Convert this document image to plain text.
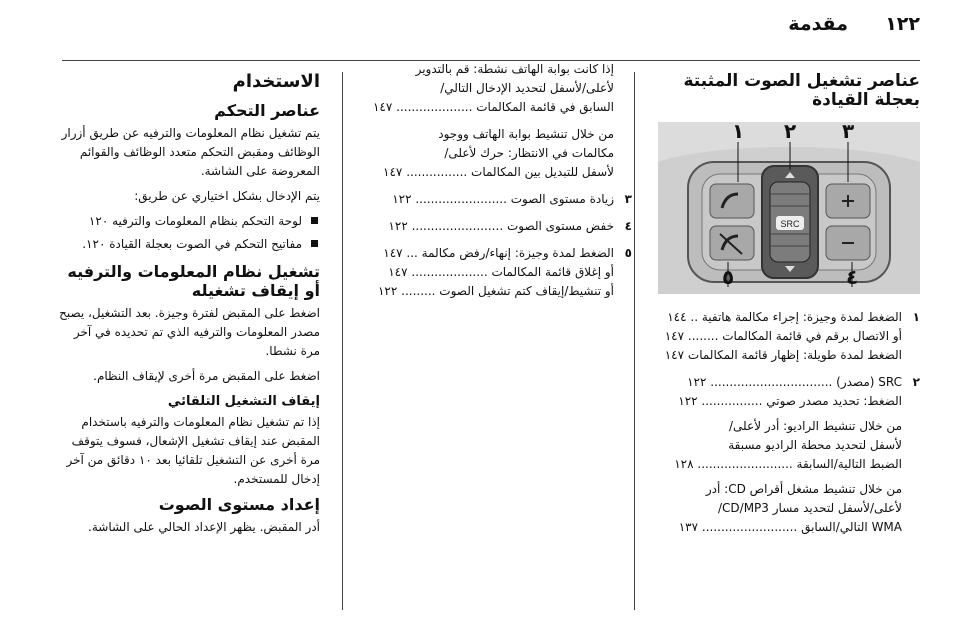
مقدمة ١٢٢
عناصر تشغيل الصوت المثبتة بعجلة القيادة
SRC
١ ٢ ٣
٥	٤
١
الضغط لمدة وجيزة: إجراء مكالمة هاتفية .. ١٤٤
أو الاتصال برقم في قائمة المكالمات ........ ١٤٧
الضغط لمدة طويلة: إظهار قائمة المكالمات ١٤٧
٢
SRC (مصدر) ................................ ١٢٢
الضغط: تحديد مصدر صوتي ................ ١٢٢
من خلال تنشيط الراديو: أدر لأعلى/
لأسفل لتحديد محطة الراديو مسبقة
الضبط التالية/السابقة ......................... ١٢٨
من خلال تنشيط مشغل أقراص CD: أدر
لأعلى/لأسفل لتحديد مسار CD/MP3/
WMA التالي/السابق ......................... ١٣٧
إذا كانت بوابة الهاتف نشطة: قم بالتدوير
لأعلى/لأسفل لتحديد الإدخال التالي/
السابق في قائمة المكالمات .................... ١٤٧
من خلال تنشيط بوابة الهاتف ووجود
مكالمات في الانتظار: حرك لأعلى/
لأسفل للتبديل بين المكالمات ................ ١٤٧
٣
زيادة مستوى الصوت ........................ ١٢٢
٤
خفض مستوى الصوت ........................ ١٢٢
٥
الضغط لمدة وجيزة: إنهاء/رفض مكالمة ... ١٤٧
أو إغلاق قائمة المكالمات .................... ١٤٧
أو تنشيط/إيقاف كتم تشغيل الصوت ......... ١٢٢
الاستخدام
عناصر التحكم

يتم تشغيل نظام المعلومات والترفيه عن طريق أزرار الوظائف ومقبض التحكم متعدد الوظائف والقوائم المعروضة على الشاشة.

يتم الإدخال بشكل اختياري عن طريق:

لوحة التحكم بنظام المعلومات والترفيه ١٢٠
مفاتيح التحكم في الصوت بعجلة القيادة ١٢٠.
تشغيل نظام المعلومات والترفيه أو إيقاف تشغيله

اضغط على المقبض لفترة وجيزة. بعد التشغيل، يصبح مصدر المعلومات والترفيه الذي تم تحديده في آخر مرة نشطا.

اضغط على المقبض مرة أخرى لإيقاف النظام.

إيقاف التشغيل التلقائي

إذا تم تشغيل نظام المعلومات والترفيه باستخدام المقبض عند إيقاف تشغيل الإشعال، فسوف يتوقف مرة أخرى عن التشغيل تلقائيا بعد ١٠ دقائق من آخر إدخال للمستخدم.

إعداد مستوى الصوت

أدر المقبض. يظهر الإعداد الحالي على الشاشة.
